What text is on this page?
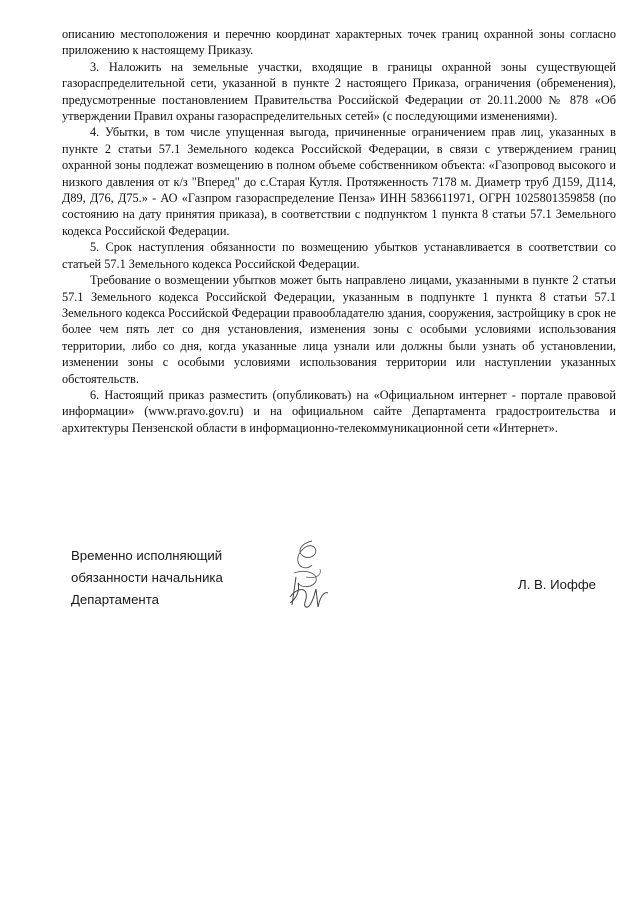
описанию местоположения и перечню координат характерных точек границ охранной зоны согласно приложению к настоящему Приказу.

3. Наложить на земельные участки, входящие в границы охранной зоны существующей газораспределительной сети, указанной в пункте 2 настоящего Приказа, ограничения (обременения), предусмотренные постановлением Правительства Российской Федерации от 20.11.2000 № 878 «Об утверждении Правил охраны газораспределительных сетей» (с последующими изменениями).

4. Убытки, в том числе упущенная выгода, причиненные ограничением прав лиц, указанных в пункте 2 статьи 57.1 Земельного кодекса Российской Федерации, в связи с утверждением границ охранной зоны подлежат возмещению в полном объеме собственником объекта: «Газопровод высокого и низкого давления от к/з "Вперед" до с.Старая Кутля. Протяженность 7178 м. Диаметр труб Д159, Д114, Д89, Д76, Д75.» - АО «Газпром газораспределение Пенза» ИНН 5836611971, ОГРН 1025801359858 (по состоянию на дату принятия приказа), в соответствии с подпунктом 1 пункта 8 статьи 57.1 Земельного кодекса Российской Федерации.

5. Срок наступления обязанности по возмещению убытков устанавливается в соответствии со статьей 57.1 Земельного кодекса Российской Федерации.

Требование о возмещении убытков может быть направлено лицами, указанными в пункте 2 статьи 57.1 Земельного кодекса Российской Федерации, указанным в подпункте 1 пункта 8 статьи 57.1 Земельного кодекса Российской Федерации правообладателю здания, сооружения, застройщику в срок не более чем пять лет со дня установления, изменения зоны с особыми условиями использования территории, либо со дня, когда указанные лица узнали или должны были узнать об установлении, изменении зоны с особыми условиями использования территории или наступлении указанных обстоятельств.

6. Настоящий приказ разместить (опубликовать) на «Официальном интернет - портале правовой информации» (www.pravo.gov.ru) и на официальном сайте Департамента градостроительства и архитектуры Пензенской области в информационно-телекоммуникационной сети «Интернет».

Временно исполняющий
обязанности начальника
Департамента
Л. В. Иоффе
